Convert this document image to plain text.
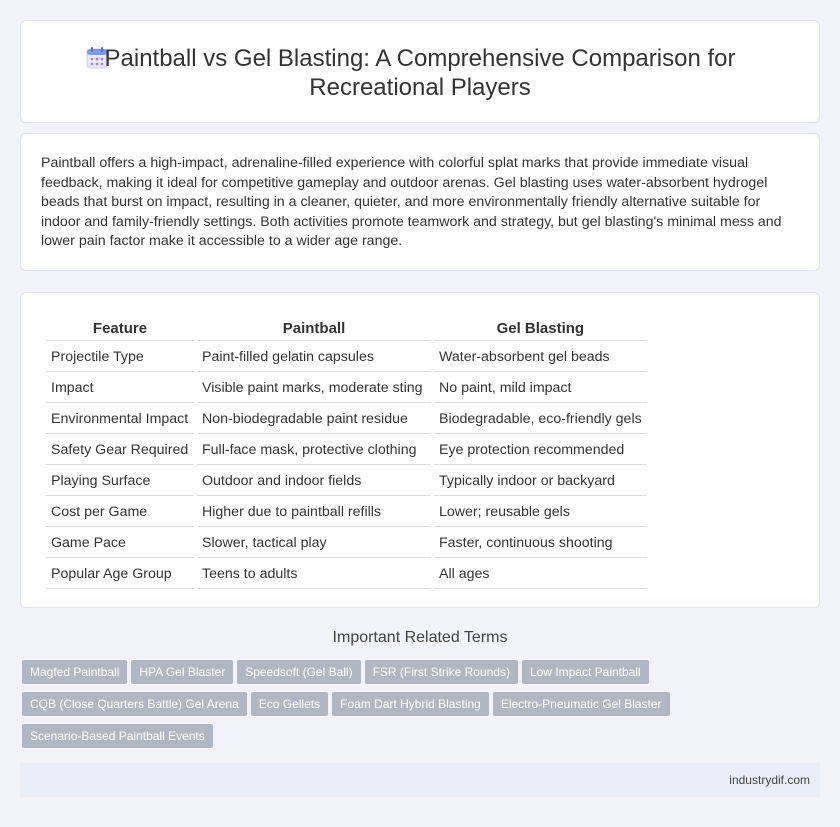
Paintball vs Gel Blasting: A Comprehensive Comparison for Recreational Players

Paintball offers a high-impact, adrenaline-filled experience with colorful splat marks that provide immediate visual feedback, making it ideal for competitive gameplay and outdoor arenas. Gel blasting uses water-absorbent hydrogel beads that burst on impact, resulting in a cleaner, quieter, and more environmentally friendly alternative suitable for indoor and family-friendly settings. Both activities promote teamwork and strategy, but gel blasting's minimal mess and lower pain factor make it accessible to a wider age range.

Feature	Paintball	Gel Blasting
Projectile Type	Paint-filled gelatin capsules	Water-absorbent gel beads
Impact	Visible paint marks, moderate sting	No paint, mild impact
Environmental Impact	Non-biodegradable paint residue	Biodegradable, eco-friendly gels
Safety Gear Required	Full-face mask, protective clothing	Eye protection recommended
Playing Surface	Outdoor and indoor fields	Typically indoor or backyard
Cost per Game	Higher due to paintball refills	Lower; reusable gels
Game Pace	Slower, tactical play	Faster, continuous shooting
Popular Age Group	Teens to adults	All ages
Important Related Terms
Magfed Paintball HPA Gel Blaster Speedsoft (Gel Ball) FSR (First Strike Rounds) Low Impact Paintball
CQB (Close Quarters Battle) Gel Arena Eco Gellets Foam Dart Hybrid Blasting Electro-Pneumatic Gel Blaster
Scenario-Based Paintball Events
industrydif.com
